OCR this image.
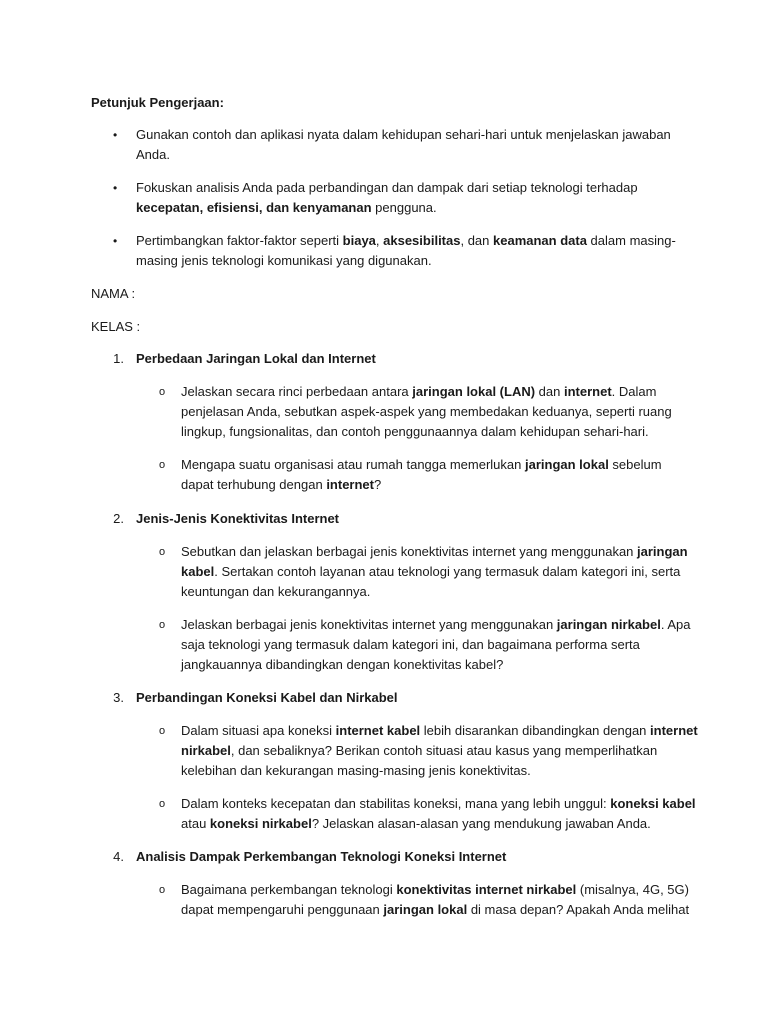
Petunjuk Pengerjaan:
• Gunakan contoh dan aplikasi nyata dalam kehidupan sehari-hari untuk menjelaskan jawaban
Anda.
• Fokuskan analisis Anda pada perbandingan dan dampak dari setiap teknologi terhadap
kecepatan, efisiensi, dan kenyamanan pengguna.
• Pertimbangkan faktor-faktor seperti biaya, aksesibilitas, dan keamanan data dalam masing-
masing jenis teknologi komunikasi yang digunakan.
NAMA :
KELAS :
1. Perbedaan Jaringan Lokal dan Internet
o Jelaskan secara rinci perbedaan antara jaringan lokal (LAN) dan internet. Dalam
penjelasan Anda, sebutkan aspek-aspek yang membedakan keduanya, seperti ruang
lingkup, fungsionalitas, dan contoh penggunaannya dalam kehidupan sehari-hari.
o Mengapa suatu organisasi atau rumah tangga memerlukan jaringan lokal sebelum
dapat terhubung dengan internet?
2. Jenis-Jenis Konektivitas Internet
o Sebutkan dan jelaskan berbagai jenis konektivitas internet yang menggunakan jaringan
kabel. Sertakan contoh layanan atau teknologi yang termasuk dalam kategori ini, serta
keuntungan dan kekurangannya.
o Jelaskan berbagai jenis konektivitas internet yang menggunakan jaringan nirkabel. Apa
saja teknologi yang termasuk dalam kategori ini, dan bagaimana performa serta
jangkauannya dibandingkan dengan konektivitas kabel?
3. Perbandingan Koneksi Kabel dan Nirkabel
o Dalam situasi apa koneksi internet kabel lebih disarankan dibandingkan dengan internet
nirkabel, dan sebaliknya? Berikan contoh situasi atau kasus yang memperlihatkan
kelebihan dan kekurangan masing-masing jenis konektivitas.
o Dalam konteks kecepatan dan stabilitas koneksi, mana yang lebih unggul: koneksi kabel
atau koneksi nirkabel? Jelaskan alasan-alasan yang mendukung jawaban Anda.
4. Analisis Dampak Perkembangan Teknologi Koneksi Internet
o Bagaimana perkembangan teknologi konektivitas internet nirkabel (misalnya, 4G, 5G)
dapat mempengaruhi penggunaan jaringan lokal di masa depan? Apakah Anda melihat
